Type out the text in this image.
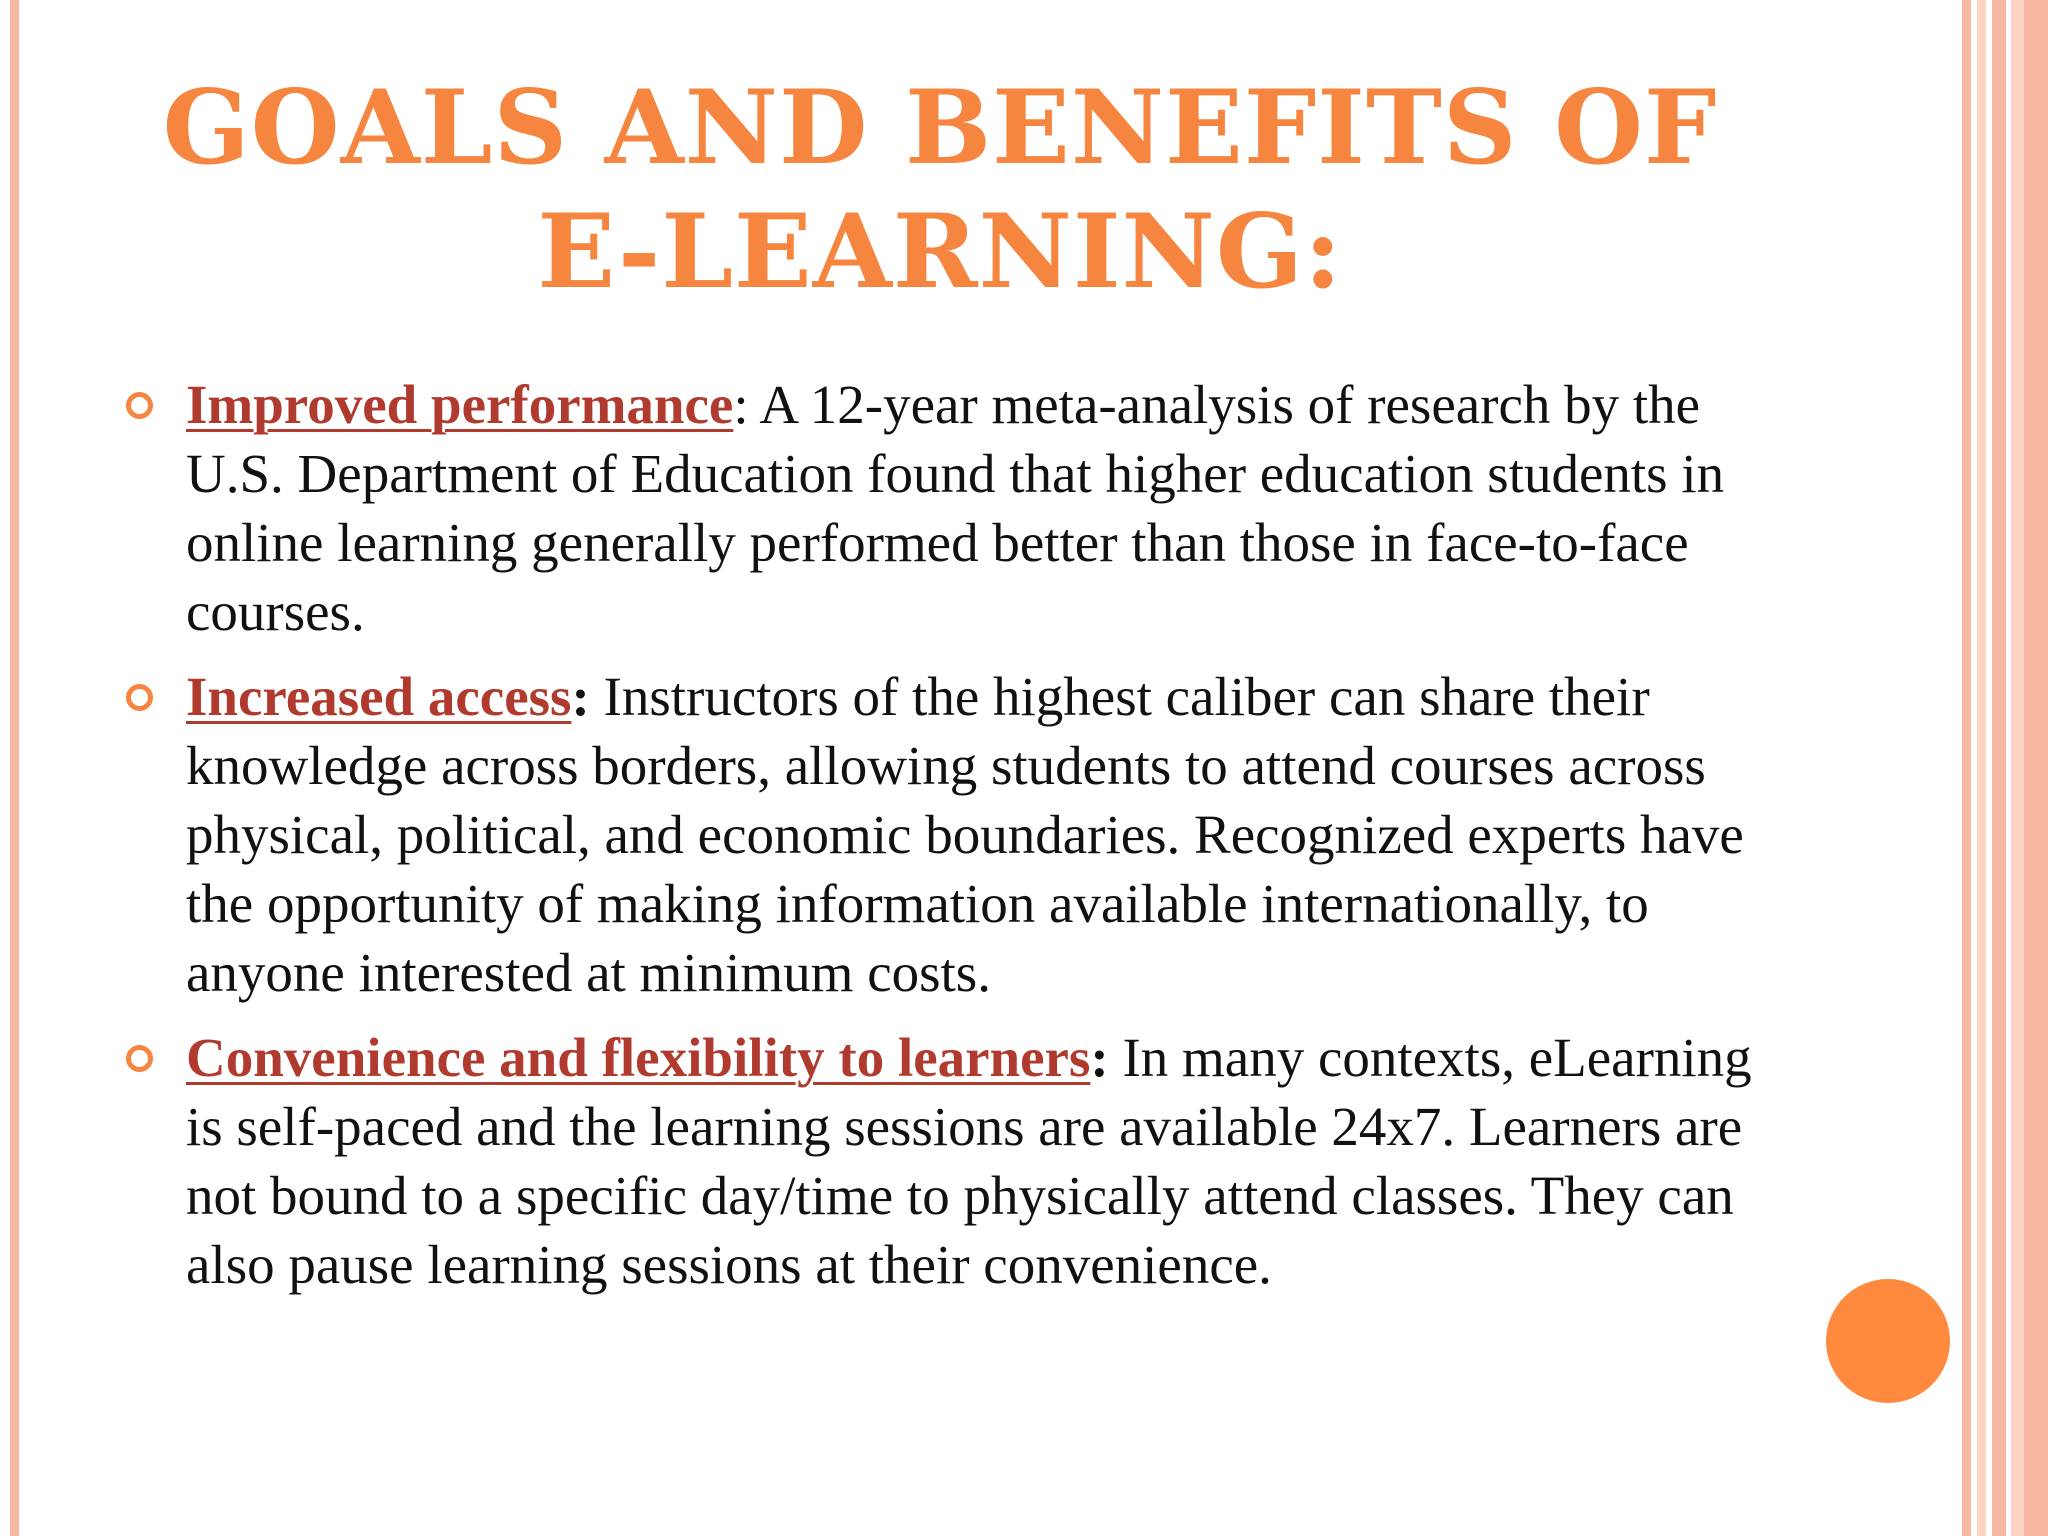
GOALS AND BENEFITS OF E-LEARNING:
Improved performance: A 12-year meta-analysis of research by the U.S. Department of Education found that higher education students in online learning generally performed better than those in face-to-face courses.
Increased access: Instructors of the highest caliber can share their knowledge across borders, allowing students to attend courses across physical, political, and economic boundaries. Recognized experts have the opportunity of making information available internationally, to anyone interested at minimum costs.
Convenience and flexibility to learners: In many contexts, eLearning is self-paced and the learning sessions are available 24x7. Learners are not bound to a specific day/time to physically attend classes. They can also pause learning sessions at their convenience.
